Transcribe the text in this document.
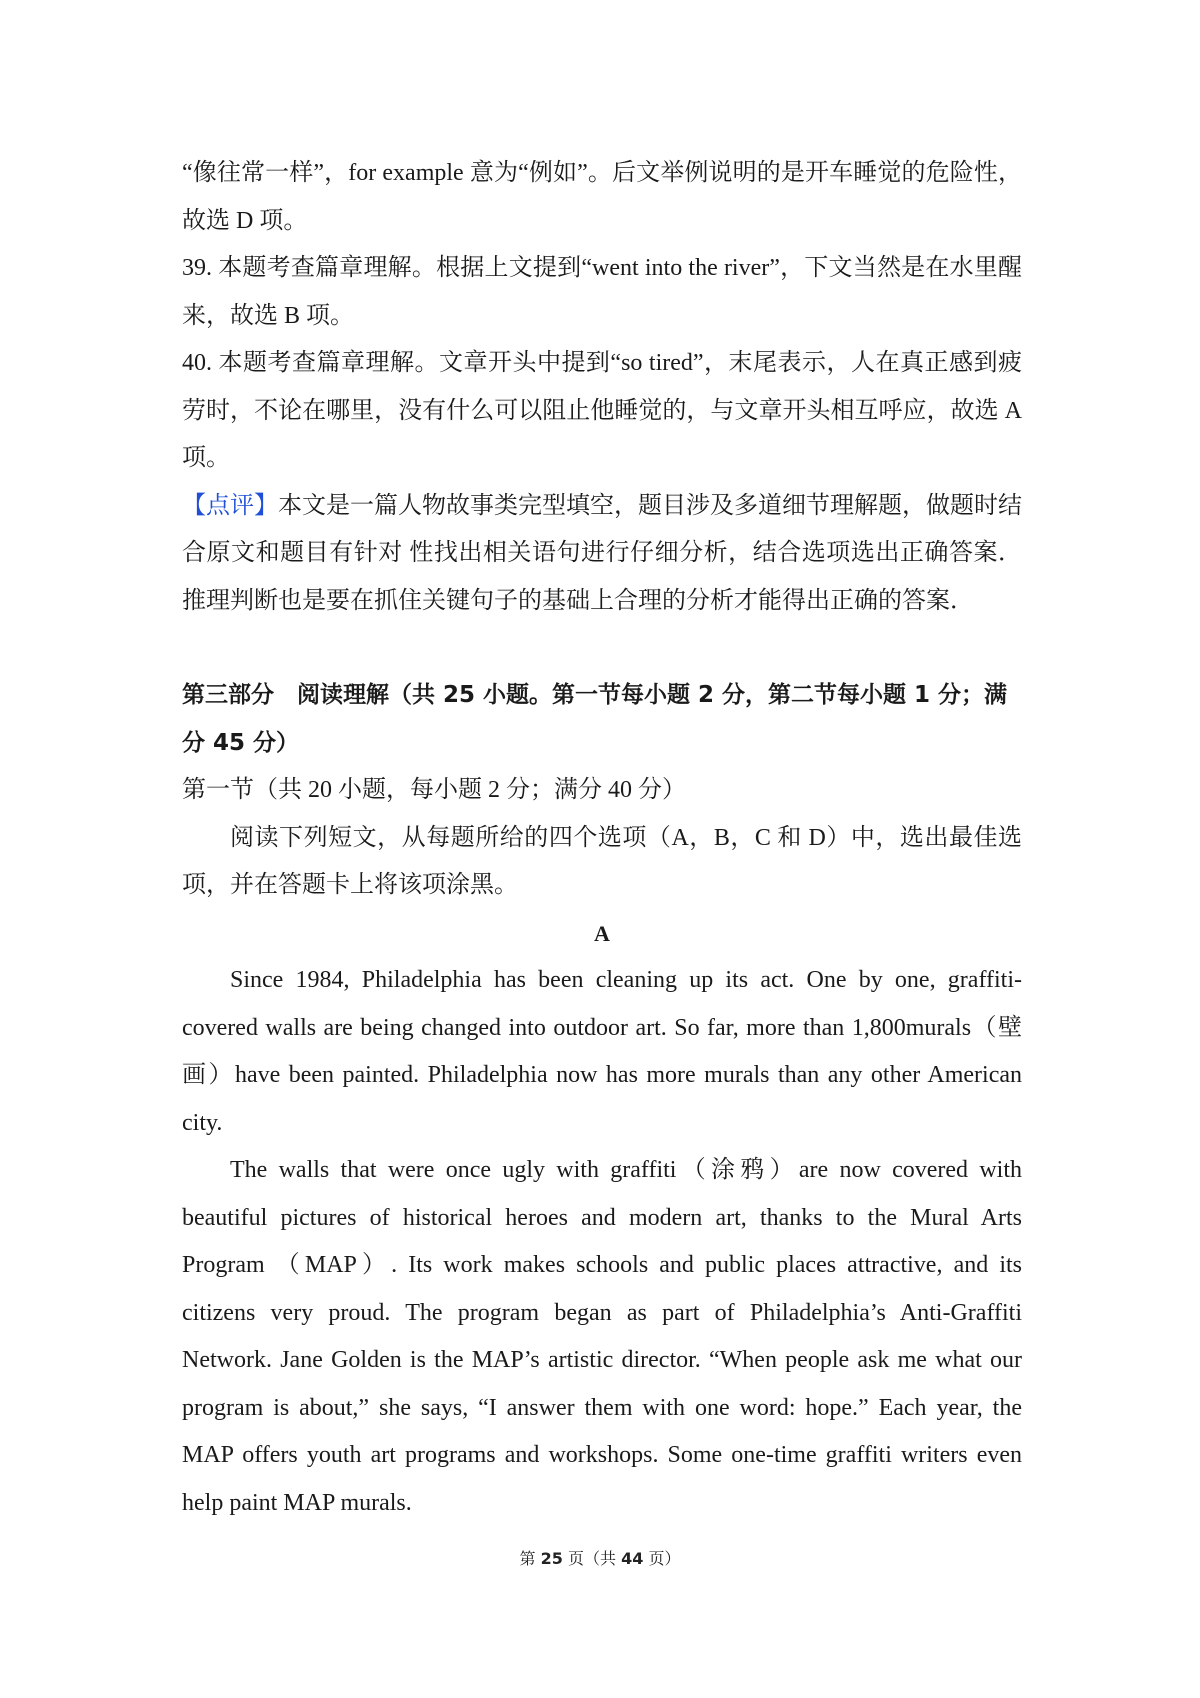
“像往常一样”，for example 意为“例如”。后文举例说明的是开车睡觉的危险性，故选 D 项。

39. 本题考查篇章理解。根据上文提到“went into the river”，下文当然是在水里醒来，故选 B 项。

40. 本题考查篇章理解。文章开头中提到“so tired”，末尾表示，人在真正感到疲劳时，不论在哪里，没有什么可以阻止他睡觉的，与文章开头相互呼应，故选 A 项。

【点评】本文是一篇人物故事类完型填空，题目涉及多道细节理解题，做题时结合原文和题目有针对 性找出相关语句进行仔细分析，结合选项选出正确答案．推理判断也是要在抓住关键句子的基础上合理的分析才能得出正确的答案．

第三部分　阅读理解（共 25 小题。第一节每小题 2 分，第二节每小题 1 分；满分 45 分）

第一节（共 20 小题，每小题 2 分；满分 40 分）

阅读下列短文，从每题所给的四个选项（A，B，C 和 D）中，选出最佳选项，并在答题卡上将该项涂黑。

A

Since 1984, Philadelphia has been cleaning up its act. One by one, graffiti-covered walls are being changed into outdoor art. So far, more than 1,800murals（壁画）have been painted. Philadelphia now has more murals than any other American city.

The walls that were once ugly with graffiti（涂鸦）are now covered with beautiful pictures of historical heroes and modern art, thanks to the Mural Arts Program （MAP）. Its work makes schools and public places attractive, and its citizens very proud. The program began as part of Philadelphia’s Anti-Graffiti Network. Jane Golden is the MAP’s artistic director. “When people ask me what our program is about,” she says, “I answer them with one word: hope.” Each year, the MAP offers youth art programs and workshops. Some one-time graffiti writers even help paint MAP murals.

第 25 页（共 44 页）
